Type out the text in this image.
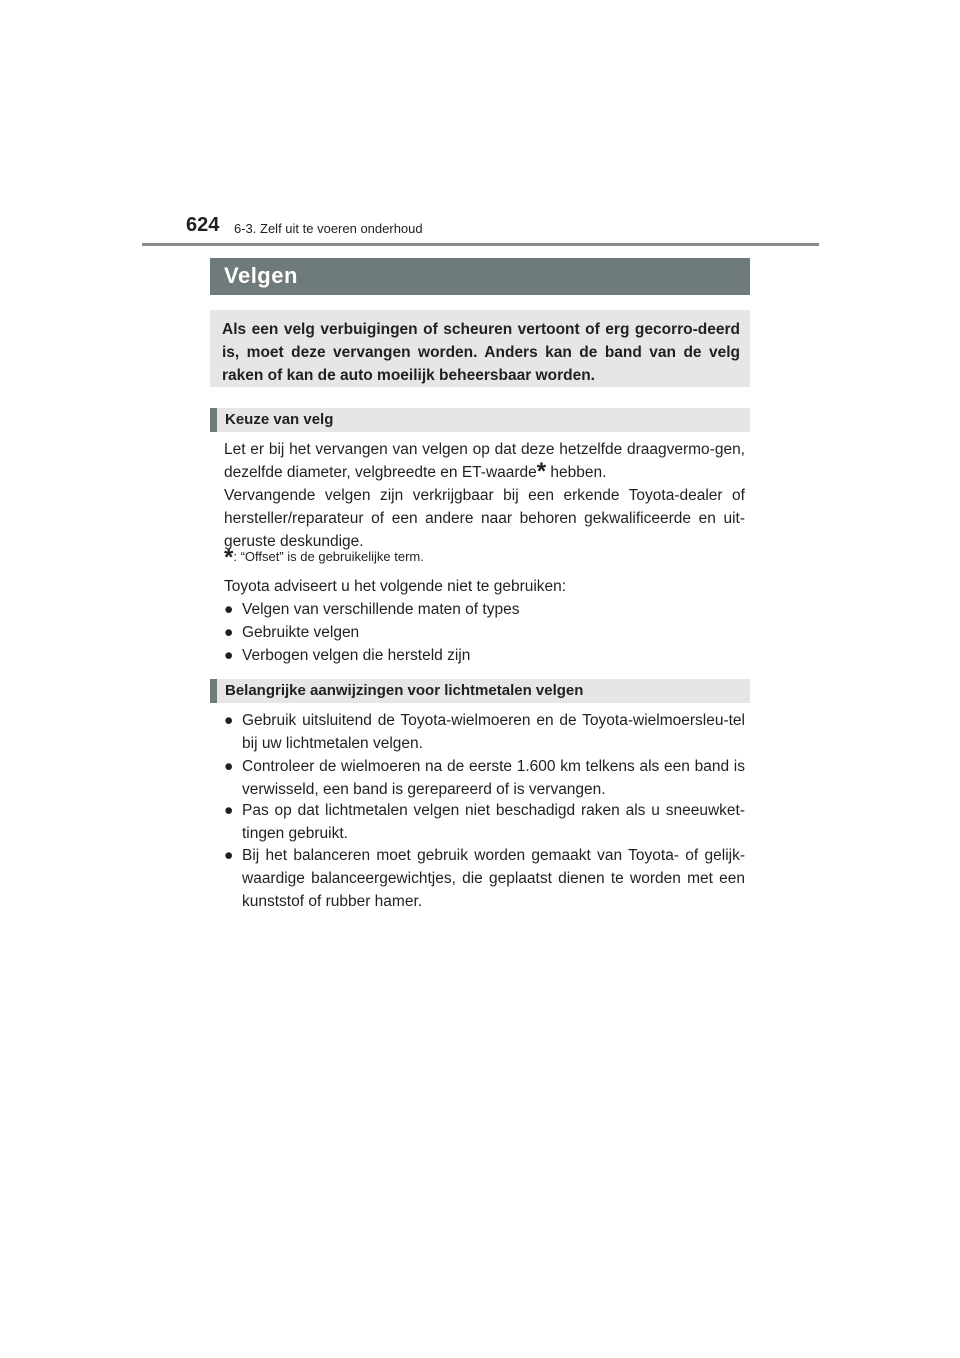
624 6-3. Zelf uit te voeren onderhoud
Velgen
Als een velg verbuigingen of scheuren vertoont of erg gecorro-deerd is, moet deze vervangen worden. Anders kan de band van de velg raken of kan de auto moeilijk beheersbaar worden.
Keuze van velg
Let er bij het vervangen van velgen op dat deze hetzelfde draagvermo-gen, dezelfde diameter, velgbreedte en ET-waarde* hebben.
Vervangende velgen zijn verkrijgbaar bij een erkende Toyota-dealer of hersteller/reparateur of een andere naar behoren gekwalificeerde en uit-geruste deskundige.
*: “Offset” is de gebruikelijke term.
Toyota adviseert u het volgende niet te gebruiken:
● Velgen van verschillende maten of types
● Gebruikte velgen
● Verbogen velgen die hersteld zijn
Belangrijke aanwijzingen voor lichtmetalen velgen
● Gebruik uitsluitend de Toyota-wielmoeren en de Toyota-wielmoersleu-tel bij uw lichtmetalen velgen.
● Controleer de wielmoeren na de eerste 1.600 km telkens als een band is verwisseld, een band is gerepareerd of is vervangen.
● Pas op dat lichtmetalen velgen niet beschadigd raken als u sneeuwket-tingen gebruikt.
● Bij het balanceren moet gebruik worden gemaakt van Toyota- of gelijk-waardige balanceergewichtjes, die geplaatst dienen te worden met een kunststof of rubber hamer.
